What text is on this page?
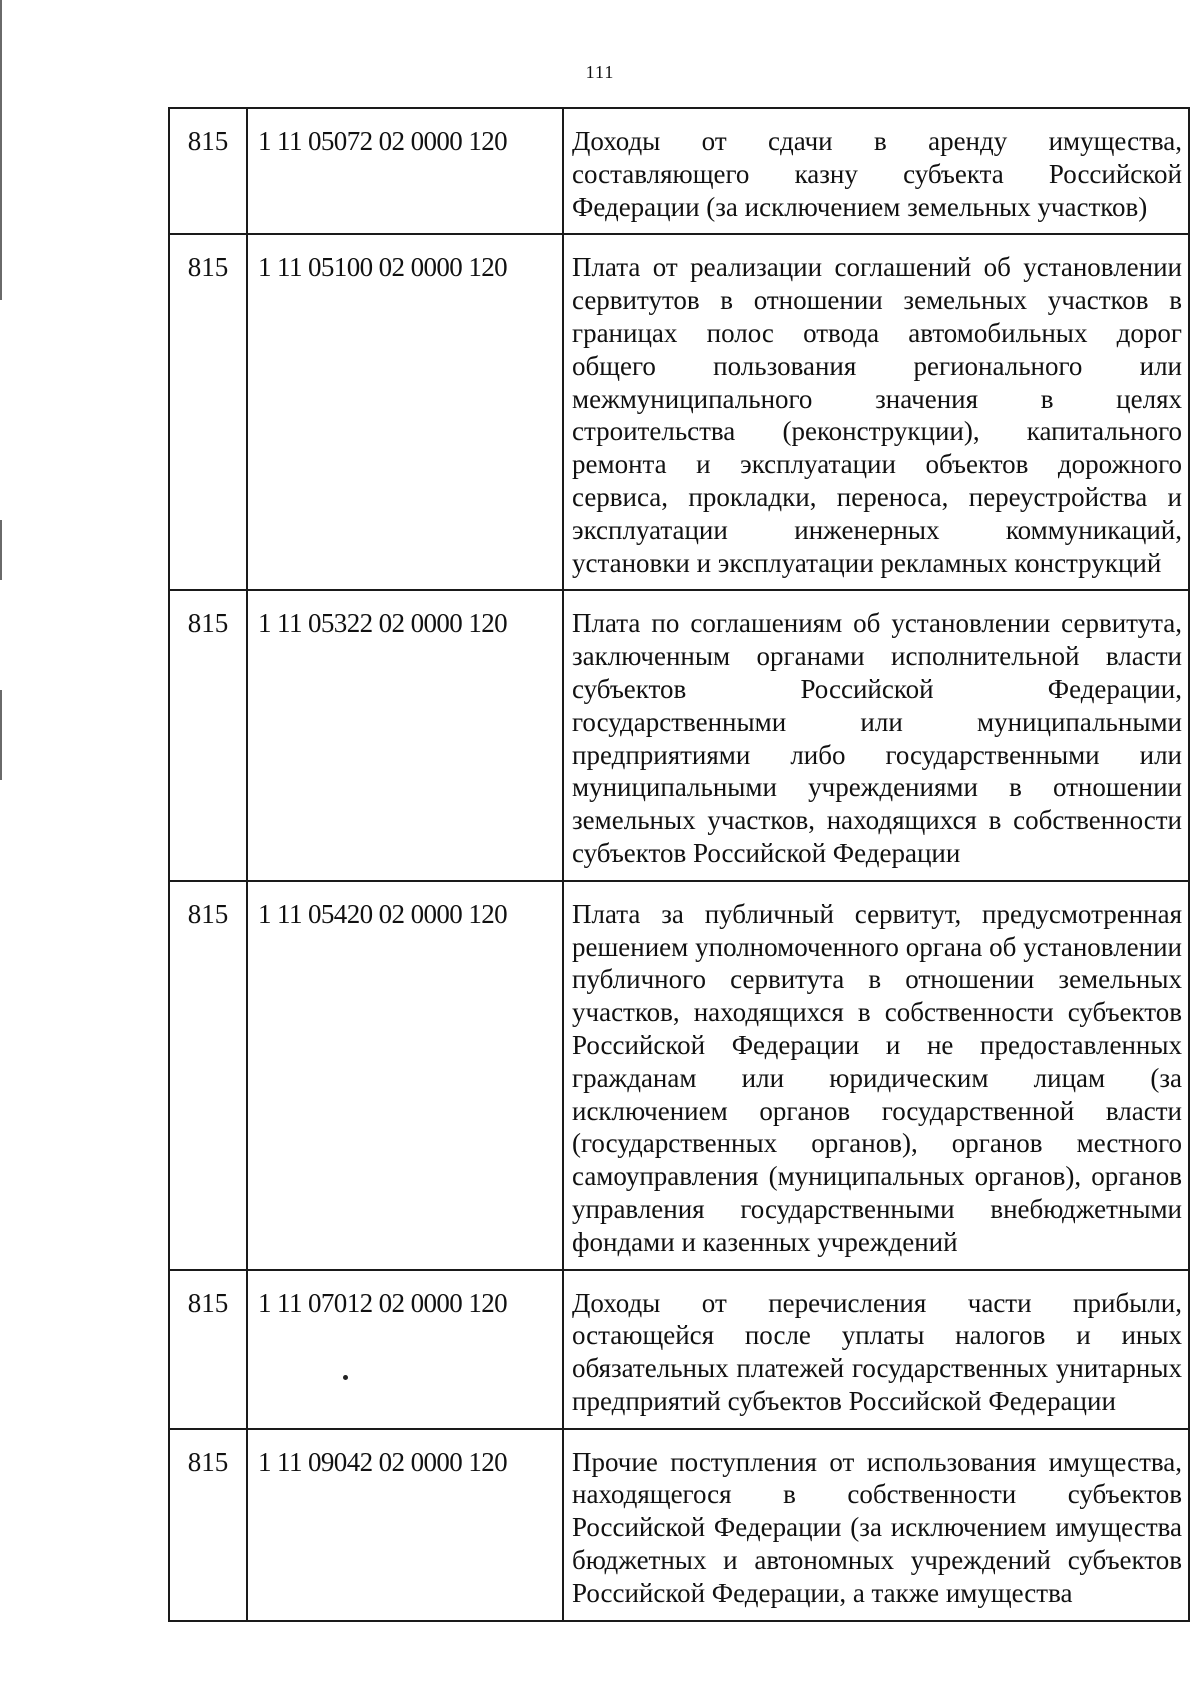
111
815	1 11 05072 02 0000 120	Доходы от сдачи в аренду имущества, составляющего казну субъекта Российской Федерации (за исключением земельных участков)
815	1 11 05100 02 0000 120	Плата от реализации соглашений об установлении сервитутов в отношении земельных участков в границах полос отвода автомобильных дорог общего пользования регионального или межмуниципального значения в целях строительства (реконструкции), капитального ремонта и эксплуатации объектов дорожного сервиса, прокладки, переноса, переустройства и эксплуатации инженерных коммуникаций, установки и эксплуатации рекламных конструкций
815	1 11 05322 02 0000 120	Плата по соглашениям об установлении сервитута, заключенным органами исполнительной власти субъектов Российской Федерации, государственными или муниципальными предприятиями либо государственными или муниципальными учреждениями в отношении земельных участков, находящихся в собственности субъектов Российской Федерации
815	1 11 05420 02 0000 120	Плата за публичный сервитут, предусмотренная решением уполномоченного органа об установлении публичного сервитута в отношении земельных участков, находящихся в собственности субъектов Российской Федерации и не предоставленных гражданам или юридическим лицам (за исключением органов государственной власти (государственных органов), органов местного самоуправления (муниципальных органов), органов управления государственными внебюджетными фондами и казенных учреждений
815	1 11 07012 02 0000 120	Доходы от перечисления части прибыли, остающейся после уплаты налогов и иных обязательных платежей государственных унитарных предприятий субъектов Российской Федерации
815	1 11 09042 02 0000 120	Прочие поступления от использования имущества, находящегося в собственности субъектов Российской Федерации (за исключением имущества бюджетных и автономных учреждений субъектов Российской Федерации, а также имущества
